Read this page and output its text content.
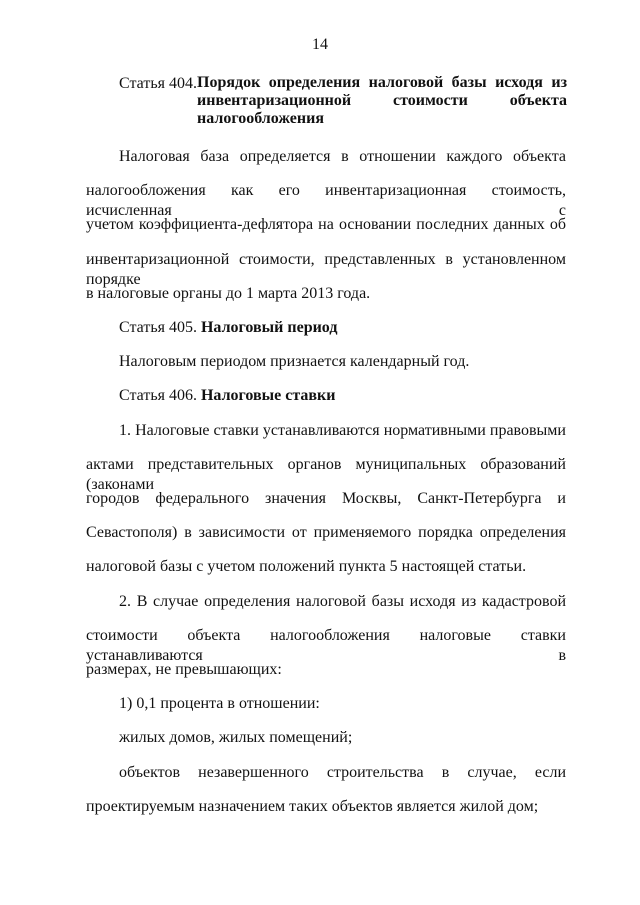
14
Статья 404. Порядок определения налоговой базы исходя из
инвентаризационной стоимости объекта
налогообложения
Налоговая база определяется в отношении каждого объекта
налогообложения как его инвентаризационная стоимость, исчисленная с
учетом коэффициента-дефлятора на основании последних данных об
инвентаризационной стоимости, представленных в установленном порядке
в налоговые органы до 1 марта 2013 года.
Статья 405. Налоговый период
Налоговым периодом признается календарный год.
Статья 406. Налоговые ставки
1. Налоговые ставки устанавливаются нормативными правовыми
актами представительных органов муниципальных образований (законами
городов федерального значения Москвы, Санкт-Петербурга и
Севастополя) в зависимости от применяемого порядка определения
налоговой базы с учетом положений пункта 5 настоящей статьи.
2. В случае определения налоговой базы исходя из кадастровой
стоимости объекта налогообложения налоговые ставки устанавливаются в
размерах, не превышающих:
1) 0,1 процента в отношении:
жилых домов, жилых помещений;
объектов незавершенного строительства в случае, если
проектируемым назначением таких объектов является жилой дом;
